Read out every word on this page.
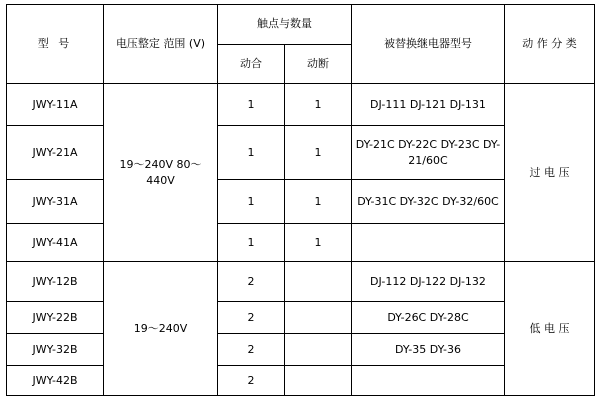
型 号	电压整定 范围 (V)	触点与数量		被替换继电器型号	动 作 分 类
		动合	动断		
JWY-11A	19～240V 80～440V	1	1	DJ-111 DJ-121 DJ-131	过 电 压
JWY-21A		1	1	DY-21C DY-22C DY-23C DY-21/60C	
JWY-31A		1	1	DY-31C DY-32C DY-32/60C	
JWY-41A		1	1		
JWY-12B	19～240V	2		DJ-112 DJ-122 DJ-132	低 电 压
JWY-22B		2		DY-26C DY-28C	
JWY-32B		2		DY-35 DY-36	
JWY-42B		2			
